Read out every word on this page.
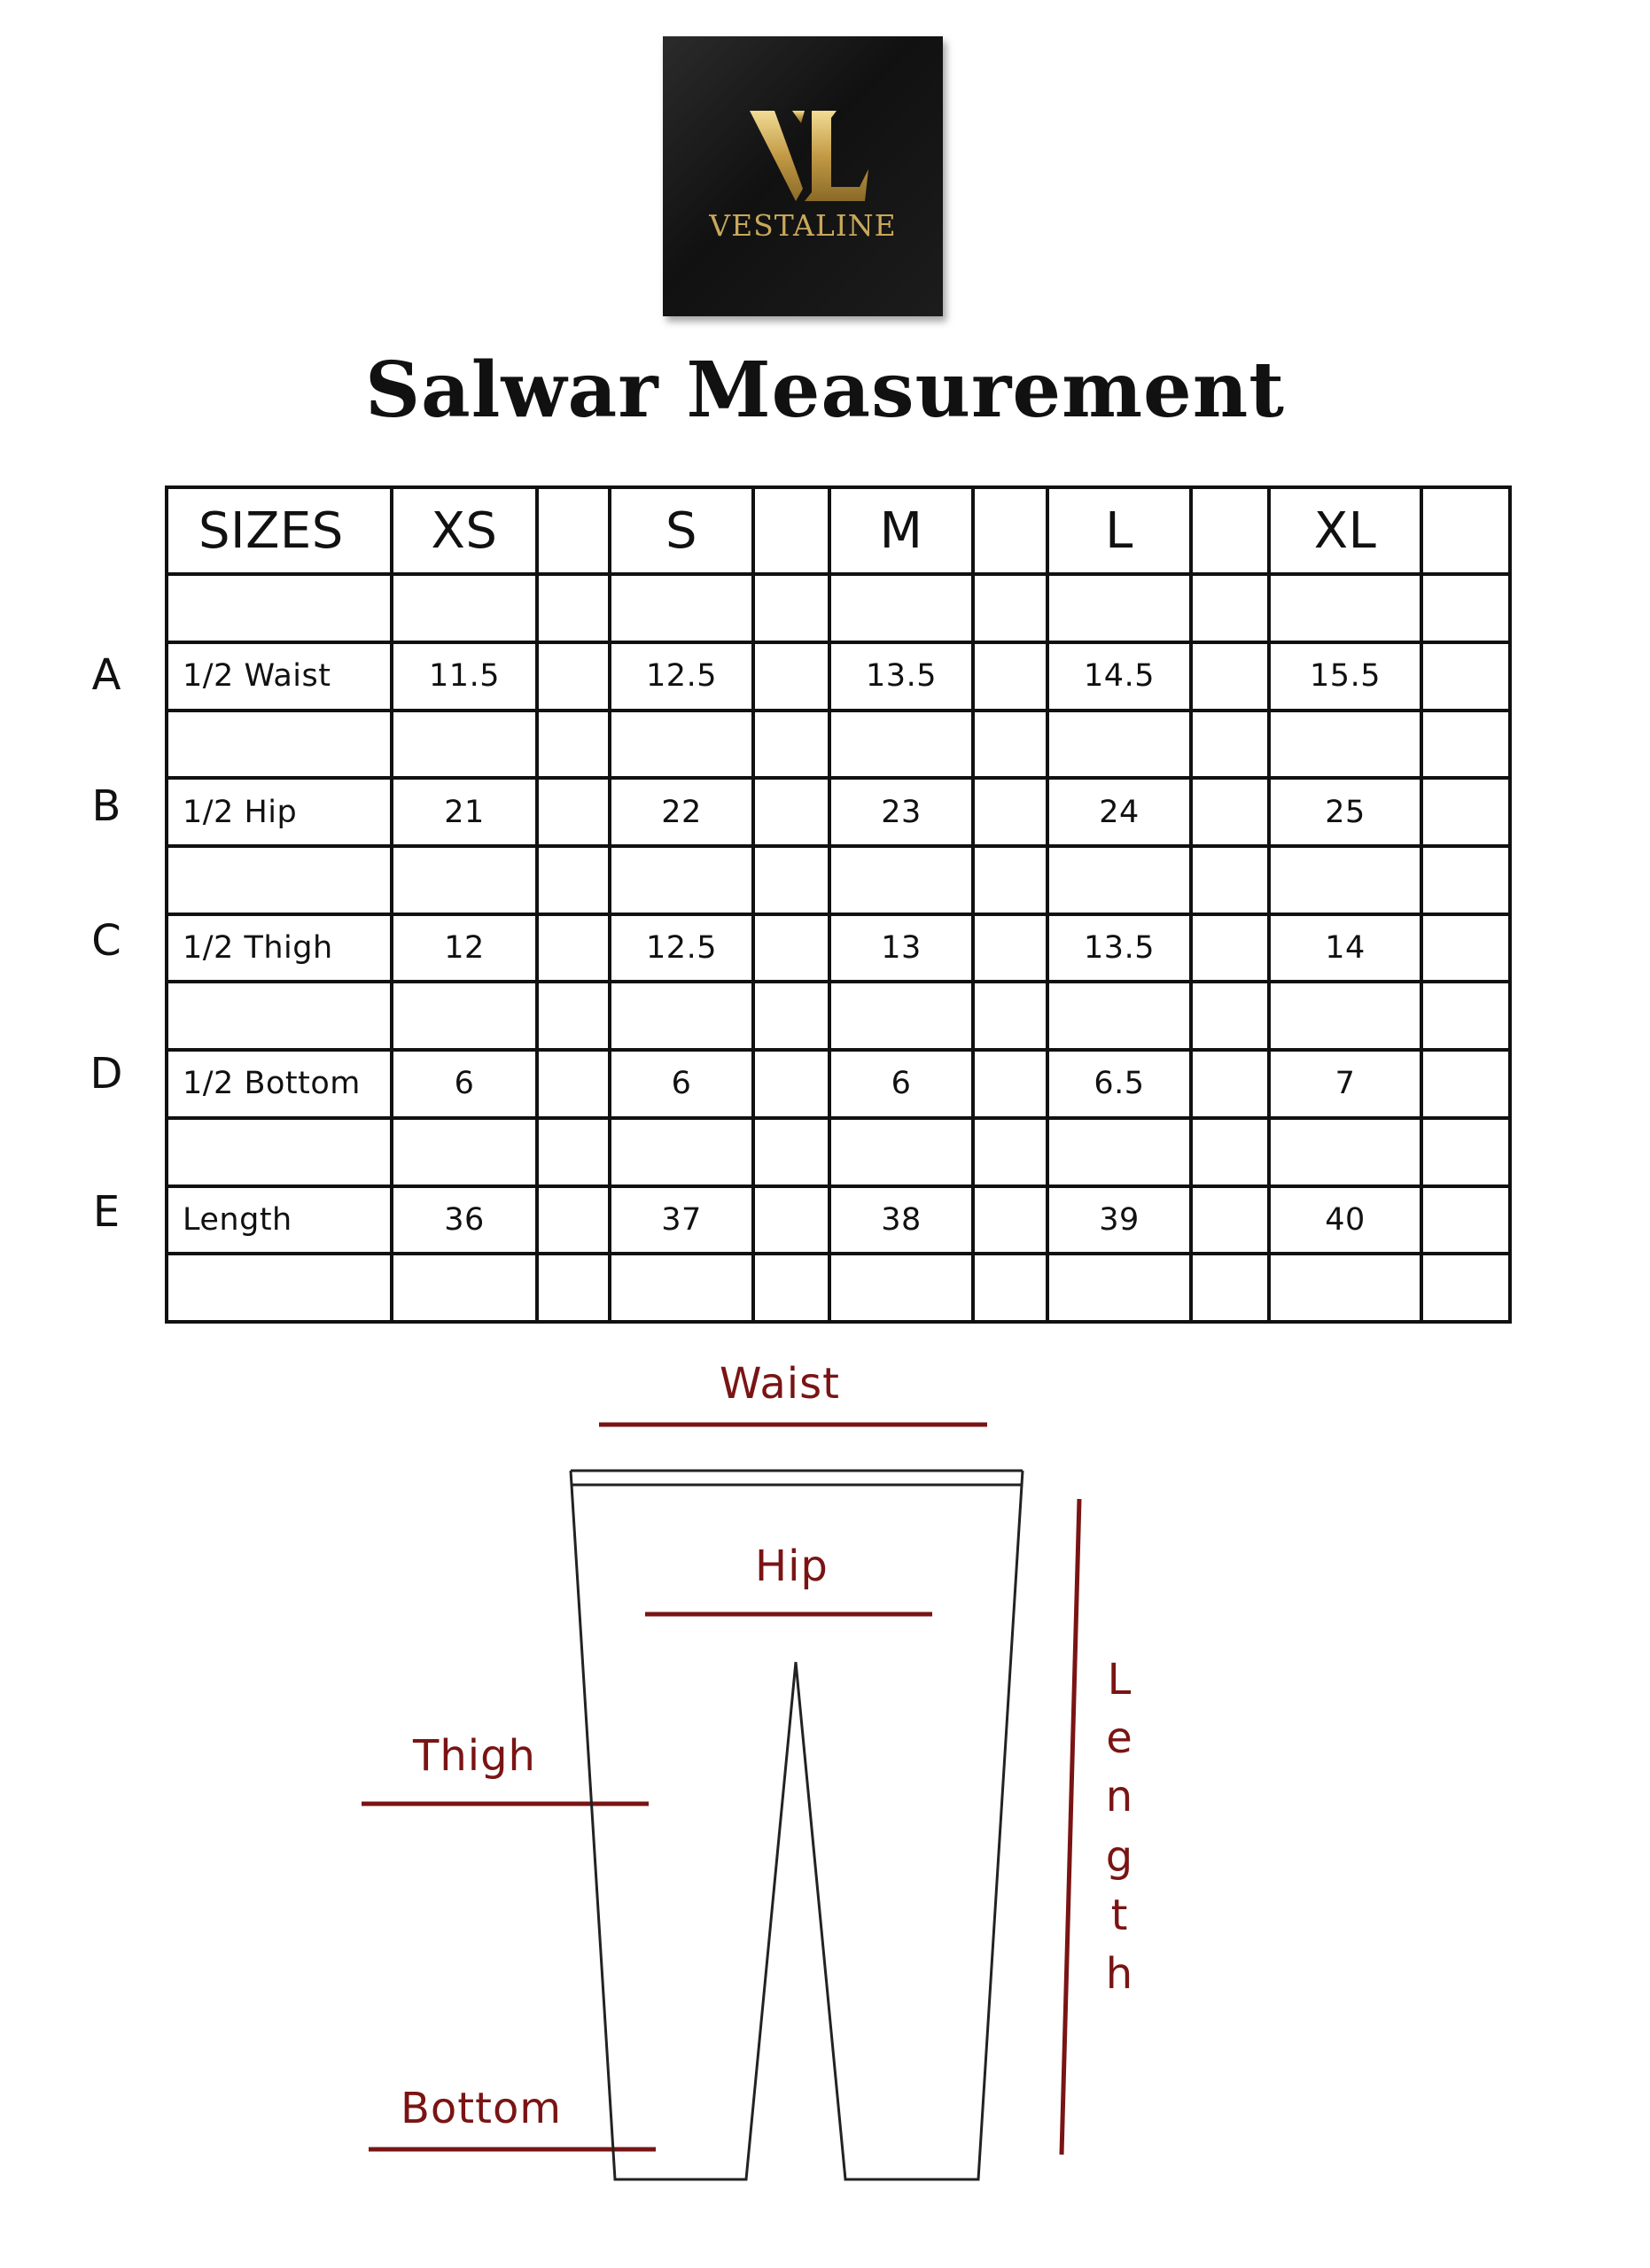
VESTALINE
Salwar Measurement
A
B
C
D
E
SIZES	XS		S		M		L		XL	

1/2 Waist	11.5		12.5		13.5		14.5		15.5	

1/2 Hip	21		22		23		24		25	

1/2 Thigh	12		12.5		13		13.5		14	

1/2 Bottom	6		6		6		6.5		7	

Length	36		37		38		39		40	

Waist
Hip
Thigh
Bottom
L
e
n
g
t
h
